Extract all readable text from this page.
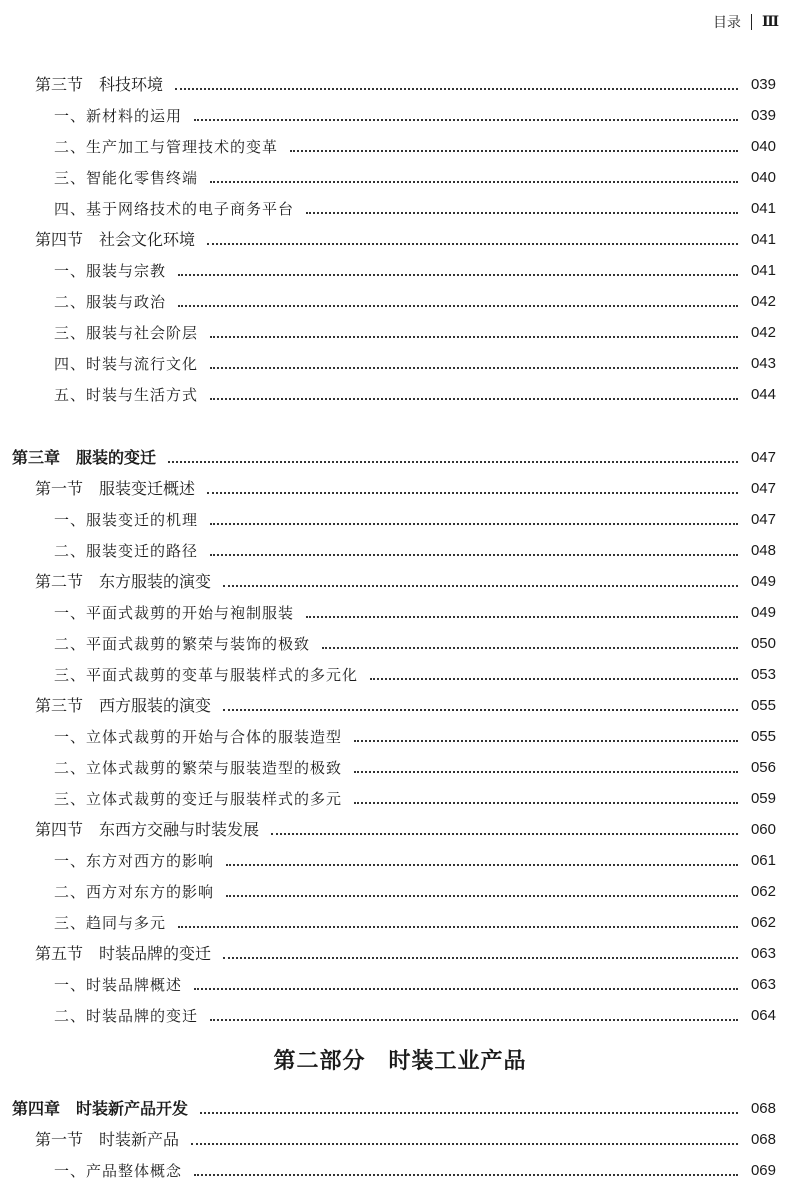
目录 Ⅲ
第三节　科技环境	039
一、新材料的运用	039
二、生产加工与管理技术的变革	040
三、智能化零售终端	040
四、基于网络技术的电子商务平台	041
第四节　社会文化环境	041
一、服装与宗教	041
二、服装与政治	042
三、服装与社会阶层	042
四、时装与流行文化	043
五、时装与生活方式	044
第三章　服装的变迁	047
第一节　服装变迁概述	047
一、服装变迁的机理	047
二、服装变迁的路径	048
第二节　东方服装的演变	049
一、平面式裁剪的开始与袍制服装	049
二、平面式裁剪的繁荣与装饰的极致	050
三、平面式裁剪的变革与服装样式的多元化	053
第三节　西方服装的演变	055
一、立体式裁剪的开始与合体的服装造型	055
二、立体式裁剪的繁荣与服装造型的极致	056
三、立体式裁剪的变迁与服装样式的多元	059
第四节　东西方交融与时装发展	060
一、东方对西方的影响	061
二、西方对东方的影响	062
三、趋同与多元	062
第五节　时装品牌的变迁	063
一、时装品牌概述	063
二、时装品牌的变迁	064
第四章　时装新产品开发	068
第一节　时装新产品	068
一、产品整体概念	069
第二部分　时装工业产品
